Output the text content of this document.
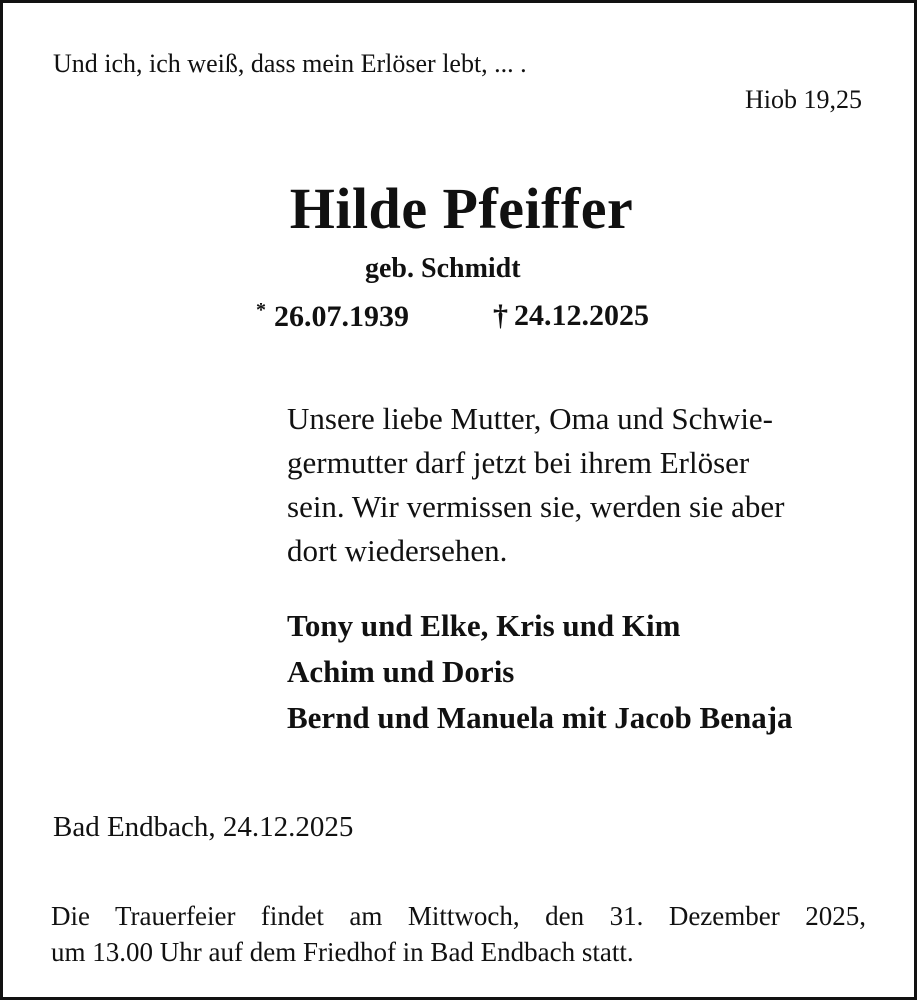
Und ich, ich weiß, dass mein Erlöser lebt, ... .
Hiob 19,25
Hilde Pfeiffer
geb. Schmidt
* 26.07.1939	† 24.12.2025
Unsere liebe Mutter, Oma und Schwie-
germutter darf jetzt bei ihrem Erlöser
sein. Wir vermissen sie, werden sie aber
dort wiedersehen.
Tony und Elke, Kris und Kim
Achim und Doris
Bernd und Manuela mit Jacob Benaja
Bad Endbach, 24.12.2025
Die Trauerfeier findet am Mittwoch, den 31. Dezember 2025,
um 13.00 Uhr auf dem Friedhof in Bad Endbach statt.
